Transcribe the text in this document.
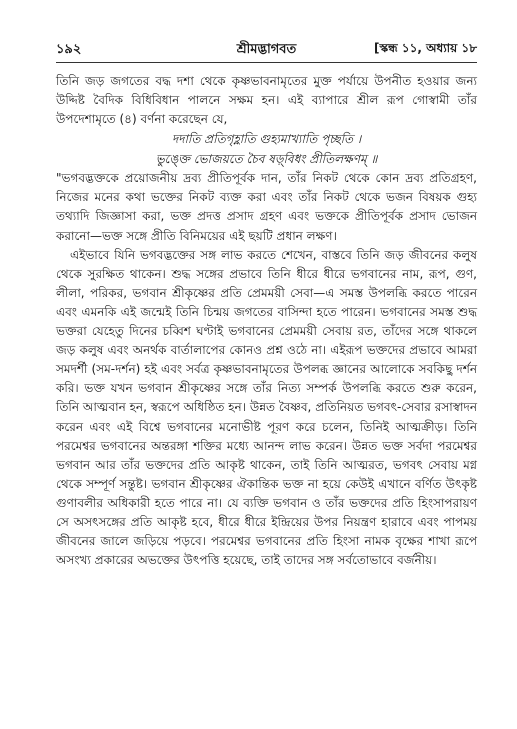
১৯২	শ্রীমদ্ভাগবত	[স্কন্ধ ১১, অধ্যায় ১৮

তিনি জড় জগতের বদ্ধ দশা থেকে কৃষ্ণভাবনামৃতের মুক্ত পর্যায়ে উপনীত হওয়ার জন্য উদ্দিষ্ট বৈদিক বিধিবিধান পালনে সক্ষম হন। এই ব্যাপারে শ্রীল রূপ গোস্বামী তাঁর উপদেশামৃতে (৪) বর্ণনা করেছেন যে,

দদাতি প্রতিগৃহ্ণাতি গুহ্যমাখ্যাতি পৃচ্ছতি ।

ভুঙ্ক্তে ভোজয়তে চৈব ষড়্‌বিধং প্রীতিলক্ষণম্‌ ॥

"ভগবদ্ভক্তকে প্রয়োজনীয় দ্রব্য প্রীতিপূর্বক দান, তাঁর নিকট থেকে কোন দ্রব্য প্রতিগ্রহণ, নিজের মনের কথা ভক্তের নিকট ব্যক্ত করা এবং তাঁর নিকট থেকে ভজন বিষয়ক গুহ্য তথ্যাদি জিজ্ঞাসা করা, ভক্ত প্রদত্ত প্রসাদ গ্রহণ এবং ভক্তকে প্রীতিপূর্বক প্রসাদ ভোজন করানো—ভক্ত সঙ্গে প্রীতি বিনিময়ের এই ছয়টি প্রধান লক্ষণ।

এইভাবে যিনি ভগবদ্ভক্তের সঙ্গ লাভ করতে শেখেন, বাস্তবে তিনি জড় জীবনের কলুষ থেকে সুরক্ষিত থাকেন। শুদ্ধ সঙ্গের প্রভাবে তিনি ধীরে ধীরে ভগবানের নাম, রূপ, গুণ, লীলা, পরিকর, ভগবান শ্রীকৃষ্ণের প্রতি প্রেমময়ী সেবা—এ সমস্ত উপলব্ধি করতে পারেন এবং এমনকি এই জন্মেই তিনি চিন্ময় জগতের বাসিন্দা হতে পারেন। ভগবানের সমস্ত শুদ্ধ ভক্তরা যেহেতু দিনের চব্বিশ ঘণ্টাই ভগবানের প্রেমময়ী সেবায় রত, তাঁদের সঙ্গে থাকলে জড় কলুষ এবং অনর্থক বার্তালাপের কোনও প্রশ্ন ওঠে না। এইরূপ ভক্তদের প্রভাবে আমরা সমদর্শী (সম-দর্শন) হই এবং সর্বত্র কৃষ্ণভাবনামৃতের উপলব্ধ জ্ঞানের আলোকে সবকিছু দর্শন করি। ভক্ত যখন ভগবান শ্রীকৃষ্ণের সঙ্গে তাঁর নিত্য সম্পর্ক উপলব্ধি করতে শুরু করেন, তিনি আত্মবান হন, স্বরূপে অধিষ্ঠিত হন। উন্নত বৈষ্ণব, প্রতিনিয়ত ভগবৎ-সেবার রসাস্বাদন করেন এবং এই বিশ্বে ভগবানের মনোভীষ্ট পূরণ করে চলেন, তিনিই আত্মক্রীড়। তিনি পরমেশ্বর ভগবানের অন্তরঙ্গা শক্তির মধ্যে আনন্দ লাভ করেন। উন্নত ভক্ত সর্বদা পরমেশ্বর ভগবান আর তাঁর ভক্তদের প্রতি আকৃষ্ট থাকেন, তাই তিনি আত্মরত, ভগবৎ সেবায় মগ্ন থেকে সম্পূর্ণ সন্তুষ্ট। ভগবান শ্রীকৃষ্ণের ঐকান্তিক ভক্ত না হয়ে কেউই এখানে বর্ণিত উৎকৃষ্ট গুণাবলীর অধিকারী হতে পারে না। যে ব্যক্তি ভগবান ও তাঁর ভক্তদের প্রতি হিংসাপরায়ণ সে অসৎসঙ্গের প্রতি আকৃষ্ট হবে, ধীরে ধীরে ইন্দ্রিয়ের উপর নিয়ন্ত্রণ হারাবে এবং পাপময় জীবনের জালে জড়িয়ে পড়বে। পরমেশ্বর ভগবানের প্রতি হিংসা নামক বৃক্ষের শাখা রূপে অসংখ্য প্রকারের অভক্তের উৎপত্তি হয়েছে, তাই তাদের সঙ্গ সর্বতোভাবে বর্জনীয়।
